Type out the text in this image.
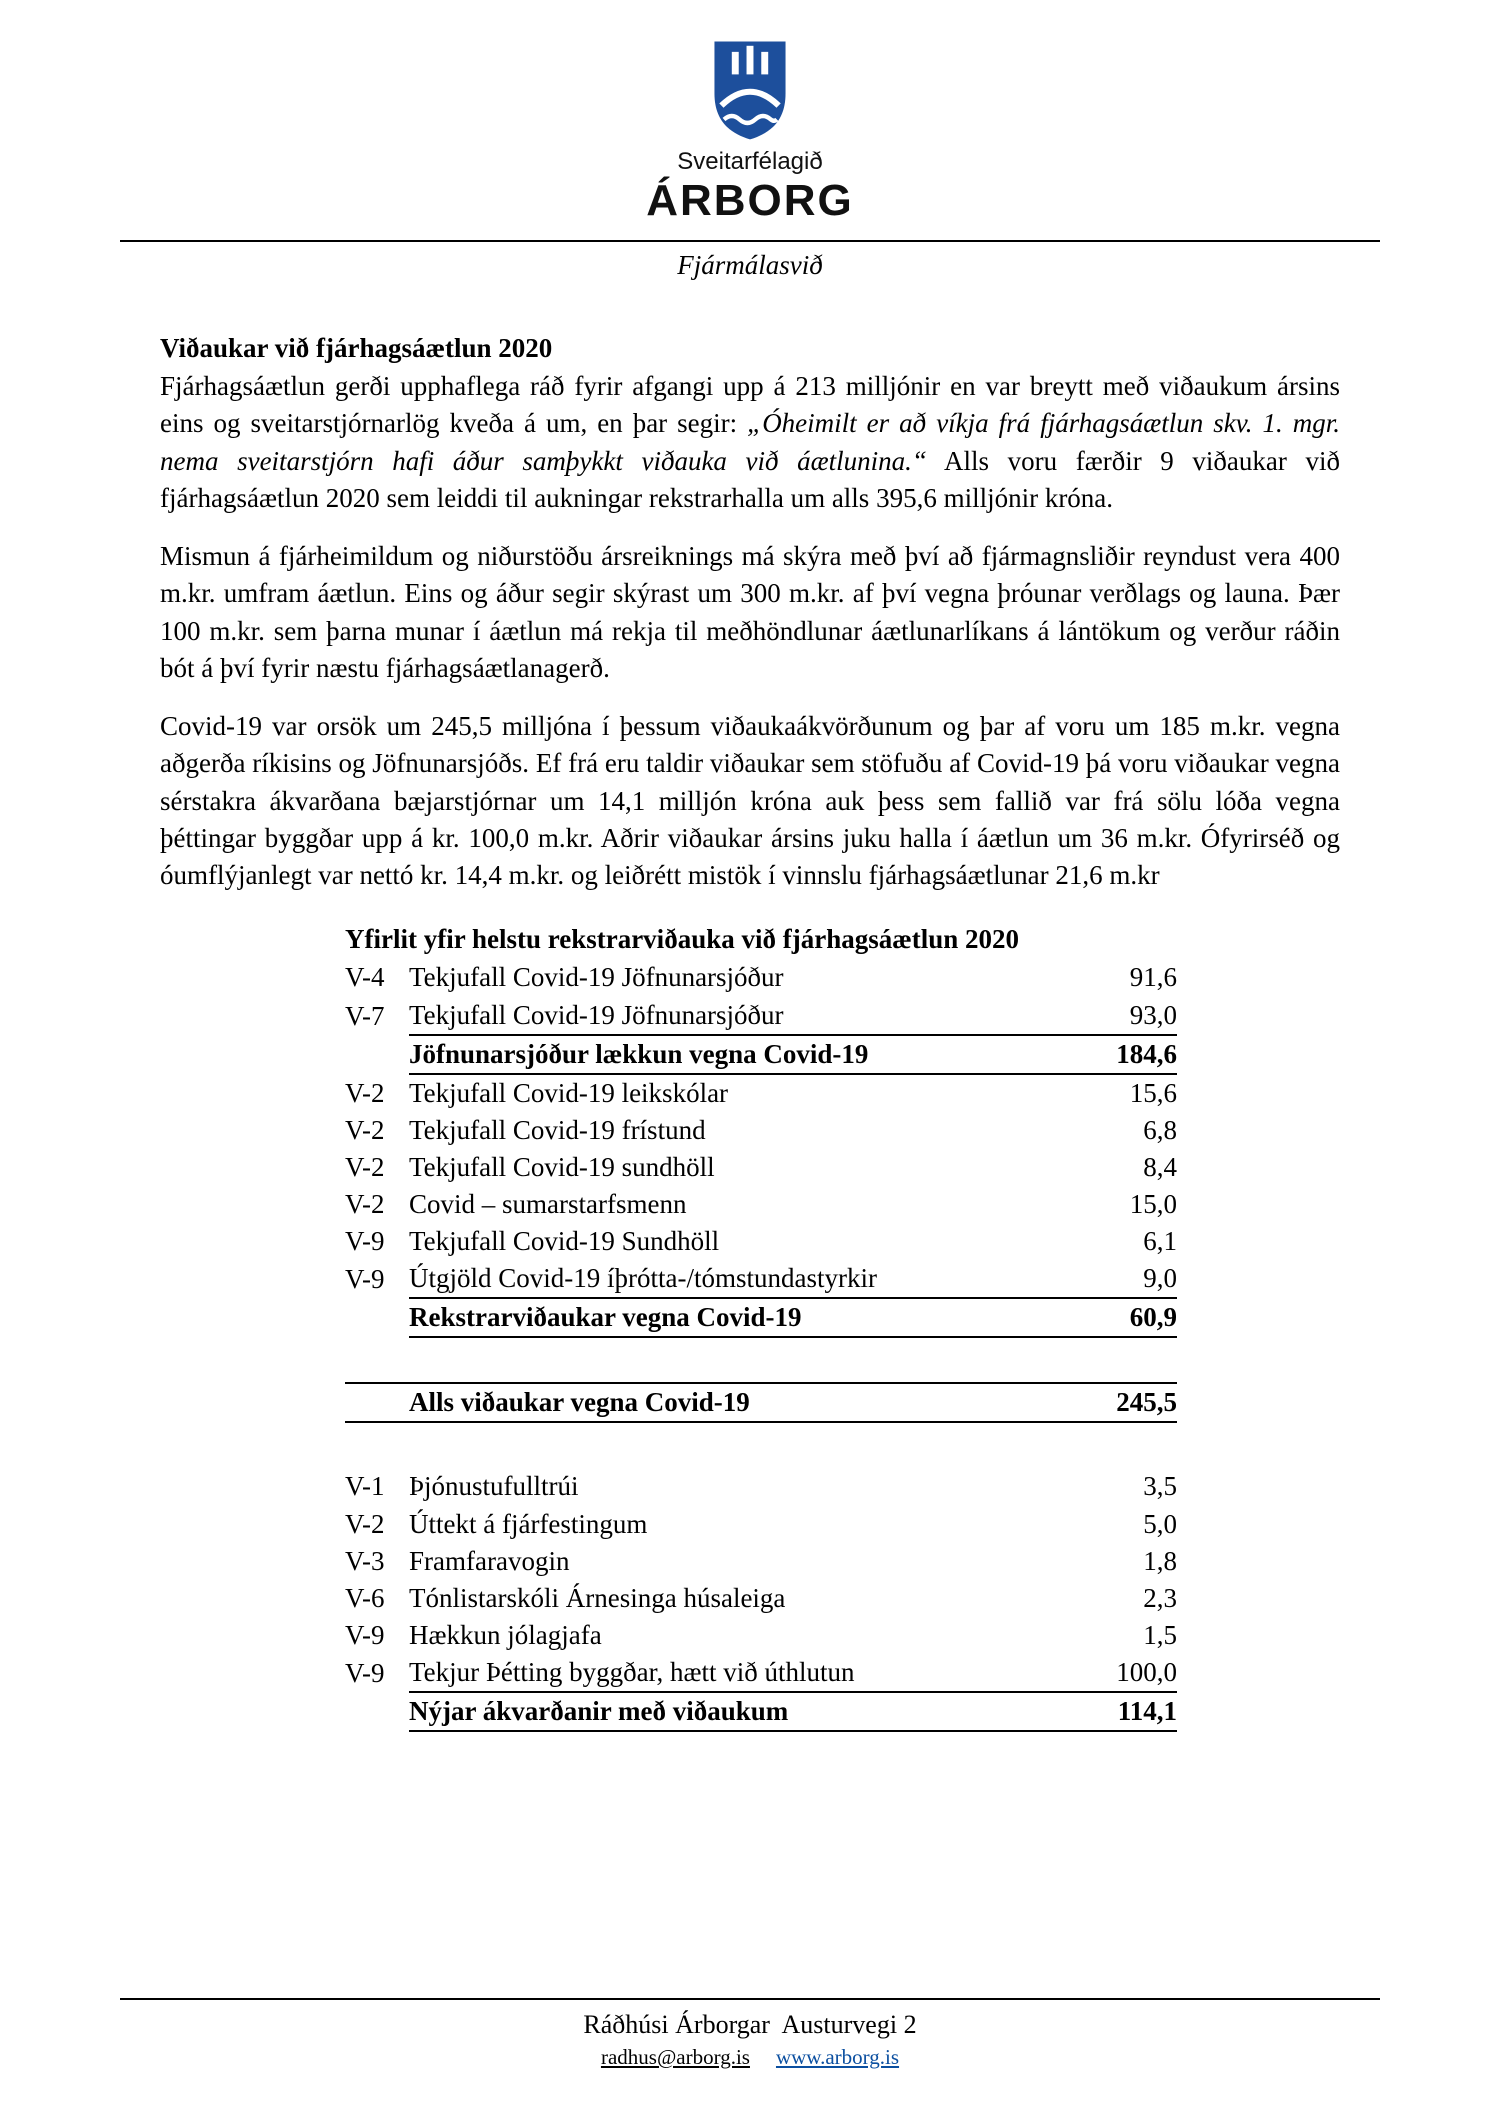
Sveitarfélagið
ÁRBORG
Fjármálasvið
Viðaukar við fjárhagsáætlun 2020

Fjárhagsáætlun gerði upphaflega ráð fyrir afgangi upp á 213 milljónir en var breytt með viðaukum ársins eins og sveitarstjórnarlög kveða á um, en þar segir: „Óheimilt er að víkja frá fjárhagsáætlun skv. 1. mgr. nema sveitarstjórn hafi áður samþykkt viðauka við áætlunina.“ Alls voru færðir 9 viðaukar við fjárhagsáætlun 2020 sem leiddi til aukningar rekstrarhalla um alls 395,6 milljónir króna.

Mismun á fjárheimildum og niðurstöðu ársreiknings má skýra með því að fjármagnsliðir reyndust vera 400 m.kr. umfram áætlun. Eins og áður segir skýrast um 300 m.kr. af því vegna þróunar verðlags og launa. Þær 100 m.kr. sem þarna munar í áætlun má rekja til meðhöndlunar áætlunarlíkans á lántökum og verður ráðin bót á því fyrir næstu fjárhagsáætlanagerð.

Covid-19 var orsök um 245,5 milljóna í þessum viðaukaákvörðunum og þar af voru um 185 m.kr. vegna aðgerða ríkisins og Jöfnunarsjóðs. Ef frá eru taldir viðaukar sem stöfuðu af Covid-19 þá voru viðaukar vegna sérstakra ákvarðana bæjarstjórnar um 14,1 milljón króna auk þess sem fallið var frá sölu lóða vegna þéttingar byggðar upp á kr. 100,0 m.kr. Aðrir viðaukar ársins juku halla í áætlun um 36 m.kr. Ófyrirséð og óumflýjanlegt var nettó kr. 14,4 m.kr. og leiðrétt mistök í vinnslu fjárhagsáætlunar 21,6 m.kr

Yfirlit yfir helstu rekstrarviðauka við fjárhagsáætlun 2020
V-4	Tekjufall Covid-19 Jöfnunarsjóður	91,6
V-7	Tekjufall Covid-19 Jöfnunarsjóður	93,0
	Jöfnunarsjóður lækkun vegna Covid-19	184,6
V-2	Tekjufall Covid-19 leikskólar	15,6
V-2	Tekjufall Covid-19 frístund	6,8
V-2	Tekjufall Covid-19 sundhöll	8,4
V-2	Covid – sumarstarfsmenn	15,0
V-9	Tekjufall Covid-19 Sundhöll	6,1
V-9	Útgjöld Covid-19 íþrótta-/tómstundastyrkir	9,0
	Rekstrarviðaukar vegna Covid-19	60,9

	Alls viðaukar vegna Covid-19	245,5

V-1	Þjónustufulltrúi	3,5
V-2	Úttekt á fjárfestingum	5,0
V-3	Framfaravogin	1,8
V-6	Tónlistarskóli Árnesinga húsaleiga	2,3
V-9	Hækkun jólagjafa	1,5
V-9	Tekjur Þétting byggðar, hætt við úthlutun	100,0
	Nýjar ákvarðanir með viðaukum	114,1
Ráðhúsi Árborgar  Austurvegi 2
radhus@arborg.is www.arborg.is
